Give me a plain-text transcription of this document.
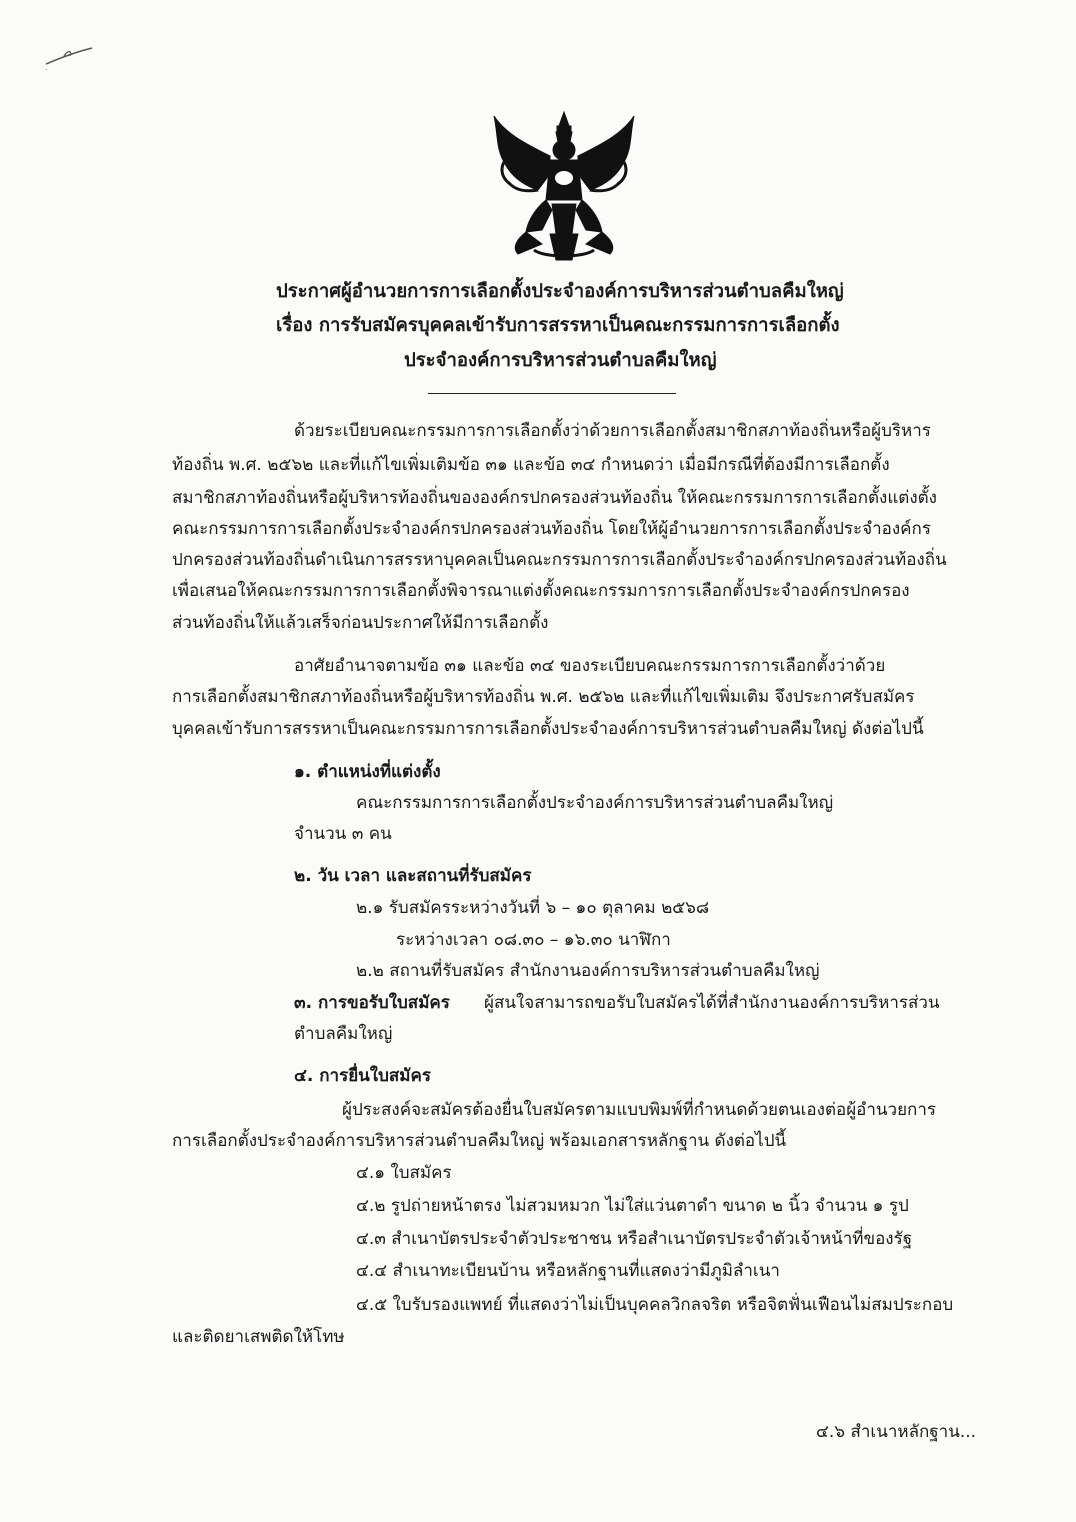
ประกาศผู้อำนวยการการเลือกตั้งประจำองค์การบริหารส่วนตำบลคืมใหญ่
เรื่อง การรับสมัครบุคคลเข้ารับการสรรหาเป็นคณะกรรมการการเลือกตั้ง
ประจำองค์การบริหารส่วนตำบลคืมใหญ่
ด้วยระเบียบคณะกรรมการการเลือกตั้งว่าด้วยการเลือกตั้งสมาชิกสภาท้องถิ่นหรือผู้บริหาร
ท้องถิ่น พ.ศ. ๒๕๖๒ และที่แก้ไขเพิ่มเติมข้อ ๓๑ และข้อ ๓๔ กำหนดว่า เมื่อมีกรณีที่ต้องมีการเลือกตั้ง
สมาชิกสภาท้องถิ่นหรือผู้บริหารท้องถิ่นขององค์กรปกครองส่วนท้องถิ่น ให้คณะกรรมการการเลือกตั้งแต่งตั้ง
คณะกรรมการการเลือกตั้งประจำองค์กรปกครองส่วนท้องถิ่น โดยให้ผู้อำนวยการการเลือกตั้งประจำองค์กร
ปกครองส่วนท้องถิ่นดำเนินการสรรหาบุคคลเป็นคณะกรรมการการเลือกตั้งประจำองค์กรปกครองส่วนท้องถิ่น
เพื่อเสนอให้คณะกรรมการการเลือกตั้งพิจารณาแต่งตั้งคณะกรรมการการเลือกตั้งประจำองค์กรปกครอง
ส่วนท้องถิ่นให้แล้วเสร็จก่อนประกาศให้มีการเลือกตั้ง
อาศัยอำนาจตามข้อ ๓๑ และข้อ ๓๔ ของระเบียบคณะกรรมการการเลือกตั้งว่าด้วย
การเลือกตั้งสมาชิกสภาท้องถิ่นหรือผู้บริหารท้องถิ่น พ.ศ. ๒๕๖๒ และที่แก้ไขเพิ่มเติม จึงประกาศรับสมัคร
บุคคลเข้ารับการสรรหาเป็นคณะกรรมการการเลือกตั้งประจำองค์การบริหารส่วนตำบลคืมใหญ่ ดังต่อไปนี้
๑. ตำแหน่งที่แต่งตั้ง
คณะกรรมการการเลือกตั้งประจำองค์การบริหารส่วนตำบลคืมใหญ่
จำนวน ๓ คน
๒. วัน เวลา และสถานที่รับสมัคร
๒.๑ รับสมัครระหว่างวันที่ ๖ – ๑๐ ตุลาคม ๒๕๖๘
ระหว่างเวลา ๐๘.๓๐ – ๑๖.๓๐ นาฬิกา
๒.๒ สถานที่รับสมัคร สำนักงานองค์การบริหารส่วนตำบลคืมใหญ่
๓. การขอรับใบสมัคร ผู้สนใจสามารถขอรับใบสมัครได้ที่สำนักงานองค์การบริหารส่วน
ตำบลคืมใหญ่
๔. การยื่นใบสมัคร
ผู้ประสงค์จะสมัครต้องยื่นใบสมัครตามแบบพิมพ์ที่กำหนดด้วยตนเองต่อผู้อำนวยการ
การเลือกตั้งประจำองค์การบริหารส่วนตำบลคืมใหญ่ พร้อมเอกสารหลักฐาน ดังต่อไปนี้
๔.๑ ใบสมัคร
๔.๒ รูปถ่ายหน้าตรง ไม่สวมหมวก ไม่ใส่แว่นตาดำ ขนาด ๒ นิ้ว จำนวน ๑ รูป
๔.๓ สำเนาบัตรประจำตัวประชาชน หรือสำเนาบัตรประจำตัวเจ้าหน้าที่ของรัฐ
๔.๔ สำเนาทะเบียนบ้าน หรือหลักฐานที่แสดงว่ามีภูมิลำเนา
๔.๕ ใบรับรองแพทย์ ที่แสดงว่าไม่เป็นบุคคลวิกลจริต หรือจิตฟั่นเฟือนไม่สมประกอบ
และติดยาเสพติดให้โทษ
๔.๖ สำเนาหลักฐาน...
